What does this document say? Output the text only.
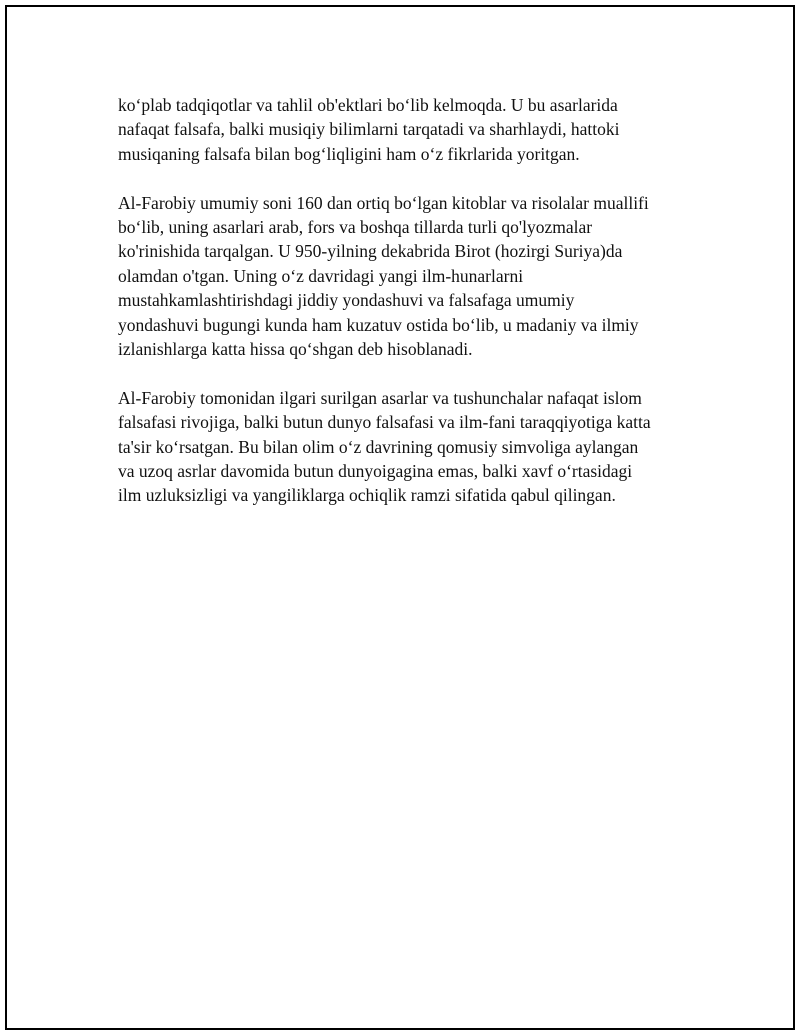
koʻplab tadqiqotlar va tahlil ob'ektlari boʻlib kelmoqda. U bu asarlarida
nafaqat falsafa, balki musiqiy bilimlarni tarqatadi va sharhlaydi, hattoki
musiqaning falsafa bilan bogʻliqligini ham oʻz fikrlarida yoritgan.

Al-Farobiy umumiy soni 160 dan ortiq boʻlgan kitoblar va risolalar muallifi
boʻlib, uning asarlari arab, fors va boshqa tillarda turli qo'lyozmalar
ko'rinishida tarqalgan. U 950-yilning dekabrida Birot (hozirgi Suriya)da
olamdan o'tgan. Uning oʻz davridagi yangi ilm-hunarlarni
mustahkamlashtirishdagi jiddiy yondashuvi va falsafaga umumiy
yondashuvi bugungi kunda ham kuzatuv ostida boʻlib, u madaniy va ilmiy
izlanishlarga katta hissa qoʻshgan deb hisoblanadi.

Al-Farobiy tomonidan ilgari surilgan asarlar va tushunchalar nafaqat islom
falsafasi rivojiga, balki butun dunyo falsafasi va ilm-fani taraqqiyotiga katta
ta'sir koʻrsatgan. Bu bilan olim oʻz davrining qomusiy simvoliga aylangan
va uzoq asrlar davomida butun dunyoigagina emas, balki xavf oʻrtasidagi
ilm uzluksizligi va yangiliklarga ochiqlik ramzi sifatida qabul qilingan.
